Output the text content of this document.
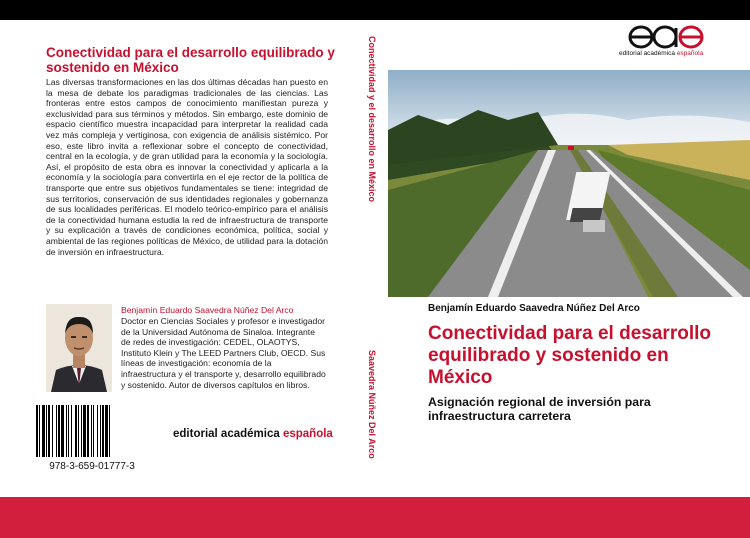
Conectividad para el desarrollo equilibrado y sostenido en México
Las diversas transformaciones en las dos últimas décadas han puesto en la mesa de debate los paradigmas tradicionales de las ciencias. Las fronteras entre estos campos de conocimiento manifiestan pureza y exclusividad para sus términos y métodos. Sin embargo, este dominio de espacio científico muestra incapacidad para interpretar la realidad cada vez más compleja y vertiginosa, con exigencia de análisis sistémico. Por eso, este libro invita a reflexionar sobre el concepto de conectividad, central en la ecología, y de gran utilidad para la economía y la sociología. Así, el propósito de esta obra es innovar la conectividad y aplicarla a la economía y la sociología para convertirla en el eje rector de la política de transporte que entre sus objetivos fundamentales se tiene: integridad de sus territorios, conservación de sus identidades regionales y gobernanza de sus localidades periféricas. El modelo teórico-empírico para el análisis de la conectividad humana estudia la red de infraestructura de transporte y su explicación a través de condiciones económica, política, social y ambiental de las regiones políticas de México, de utilidad para la dotación de inversión en infraestructura.
Benjamín Eduardo Saavedra Núñez Del Arco
Doctor en Ciencias Sociales y profesor e investigador de la Universidad Autónoma de Sinaloa. Integrante de redes de investigación: CEDEL, OLAOTYS, Instituto Klein y The LEED Partners Club, OECD. Sus líneas de investigación: economía de la infraestructura y el transporte y, desarrollo equilibrado y sostenido. Autor de diversos capítulos en libros.
978-3-659-01777-3
editorial académica española
Conectividad y el desarrollo en México
Saavedra Núñez Del Arco
editorial académica española
Benjamín Eduardo Saavedra Núñez Del Arco
Conectividad para el desarrollo equilibrado y sostenido en México
Asignación regional de inversión para infraestructura carretera
